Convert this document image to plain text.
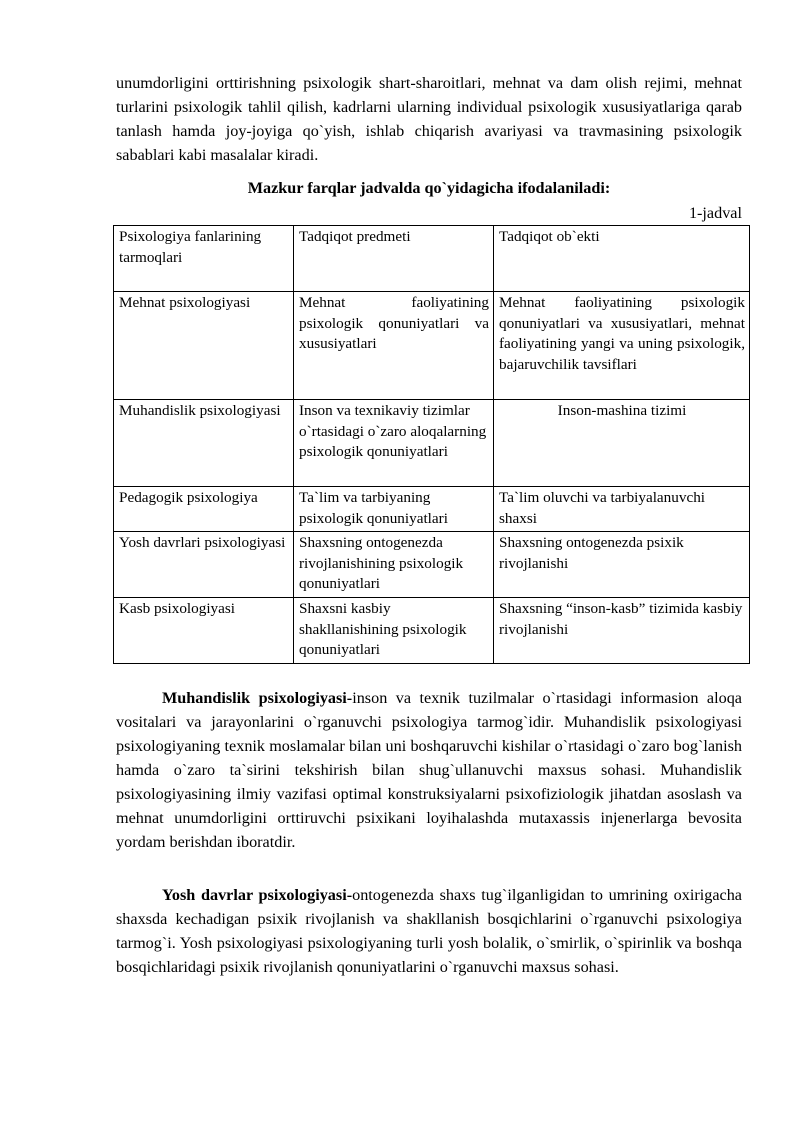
unumdorligini orttirishning psixologik shart-sharoitlari, mehnat va dam olish rejimi, mehnat turlarini psixologik tahlil qilish, kadrlarni ularning individual psixologik xususiyatlariga qarab tanlash hamda joy-joyiga qo`yish, ishlab chiqarish avariyasi va travmasining psixologik sabablari kabi masalalar kiradi.
Mazkur farqlar jadvalda qo`yidagicha ifodalaniladi:
1-jadval
Psixologiya fanlarining tarmoqlari	Tadqiqot predmeti	Tadqiqot ob`ekti
Mehnat psixologiyasi	Mehnat faoliyatining psixologik qonuniyatlari va xususiyatlari	Mehnat faoliyatining psixologik qonuniyatlari va xususiyatlari, mehnat faoliyatining yangi va uning psixologik, bajaruvchilik tavsiflari
Muhandislik psixologiyasi	Inson va texnikaviy tizimlar o`rtasidagi o`zaro aloqalarning psixologik qonuniyatlari	Inson-mashina tizimi
Pedagogik psixologiya	Ta`lim va tarbiyaning psixologik qonuniyatlari	Ta`lim oluvchi va tarbiyalanuvchi shaxsi
Yosh davrlari psixologiyasi	Shaxsning ontogenezda rivojlanishining psixologik qonuniyatlari	Shaxsning ontogenezda psixik rivojlanishi
Kasb psixologiyasi	Shaxsni kasbiy shakllanishining psixologik qonuniyatlari	Shaxsning “inson-kasb” tizimida kasbiy rivojlanishi
Muhandislik psixologiyasi-inson va texnik tuzilmalar o`rtasidagi informasion aloqa vositalari va jarayonlarini o`rganuvchi psixologiya tarmog`idir. Muhandislik psixologiyasi psixologiyaning texnik moslamalar bilan uni boshqaruvchi kishilar o`rtasidagi o`zaro bog`lanish hamda o`zaro ta`sirini tekshirish bilan shug`ullanuvchi maxsus sohasi. Muhandislik psixologiyasining ilmiy vazifasi optimal konstruksiyalarni psixofiziologik jihatdan asoslash va mehnat unumdorligini orttiruvchi psixikani loyihalashda mutaxassis injenerlarga bevosita yordam berishdan iboratdir.
Yosh davrlar psixologiyasi-ontogenezda shaxs tug`ilganligidan to umrining oxirigacha shaxsda kechadigan psixik rivojlanish va shakllanish bosqichlarini o`rganuvchi psixologiya tarmog`i. Yosh psixologiyasi psixologiyaning turli yosh bolalik, o`smirlik, o`spirinlik va boshqa bosqichlaridagi psixik rivojlanish qonuniyatlarini o`rganuvchi maxsus sohasi.
